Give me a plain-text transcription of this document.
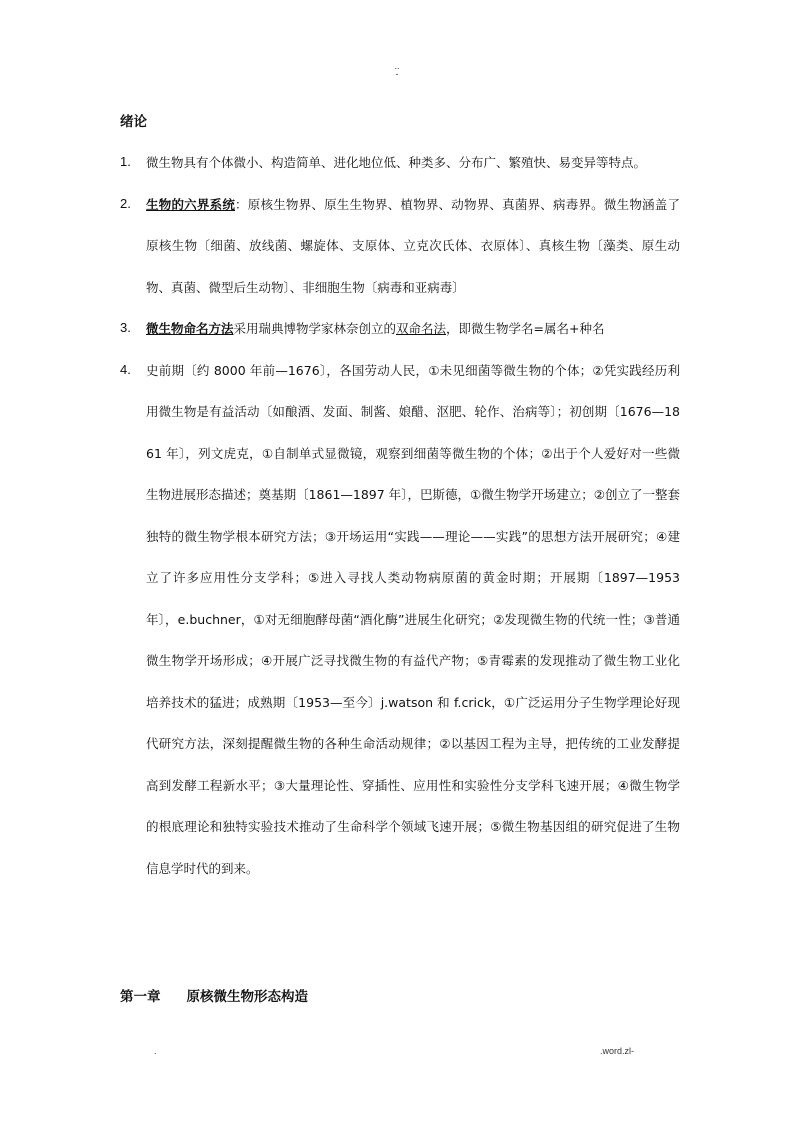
..
-
绪论
1. 微生物具有个体微小、构造简单、进化地位低、种类多、分布广、繁殖快、易变异等特点。
2. 生物的六界系统：原核生物界、原生生物界、植物界、动物界、真菌界、病毒界。微生物涵盖了原核生物〔细菌、放线菌、螺旋体、支原体、立克次氏体、衣原体〕、真核生物〔藻类、原生动物、真菌、微型后生动物〕、非细胞生物〔病毒和亚病毒〕
3. 微生物命名方法采用瑞典博物学家林奈创立的双命名法，即微生物学名=属名+种名
4. 史前期〔约 8000 年前—1676〕，各国劳动人民，①未见细菌等微生物的个体；②凭实践经历利用微生物是有益活动〔如酿酒、发面、制酱、娘醋、沤肥、轮作、治病等〕；初创期〔1676—1861 年〕，列文虎克，①自制单式显微镜，观察到细菌等微生物的个体；②出于个人爱好对一些微生物进展形态描述；奠基期〔1861—1897 年〕，巴斯德，①微生物学开场建立；②创立了一整套独特的微生物学根本研究方法；③开场运用“实践——理论——实践”的思想方法开展研究；④建立了许多应用性分支学科；⑤进入寻找人类动物病原菌的黄金时期；开展期〔1897—1953 年〕，e.buchner，①对无细胞酵母菌“酒化酶”进展生化研究；②发现微生物的代统一性；③普通微生物学开场形成；④开展广泛寻找微生物的有益代产物；⑤青霉素的发现推动了微生物工业化培养技术的猛进；成熟期〔1953—至今〕j.watson 和 f.crick，①广泛运用分子生物学理论好现代研究方法，深刻提醒微生物的各种生命活动规律；②以基因工程为主导，把传统的工业发酵提高到发酵工程新水平；③大量理论性、穿插性、应用性和实验性分支学科飞速开展；④微生物学的根底理论和独特实验技术推动了生命科学个领域飞速开展；⑤微生物基因组的研究促进了生物信息学时代的到来。
第一章 原核微生物形态构造
.	.word.zl-
